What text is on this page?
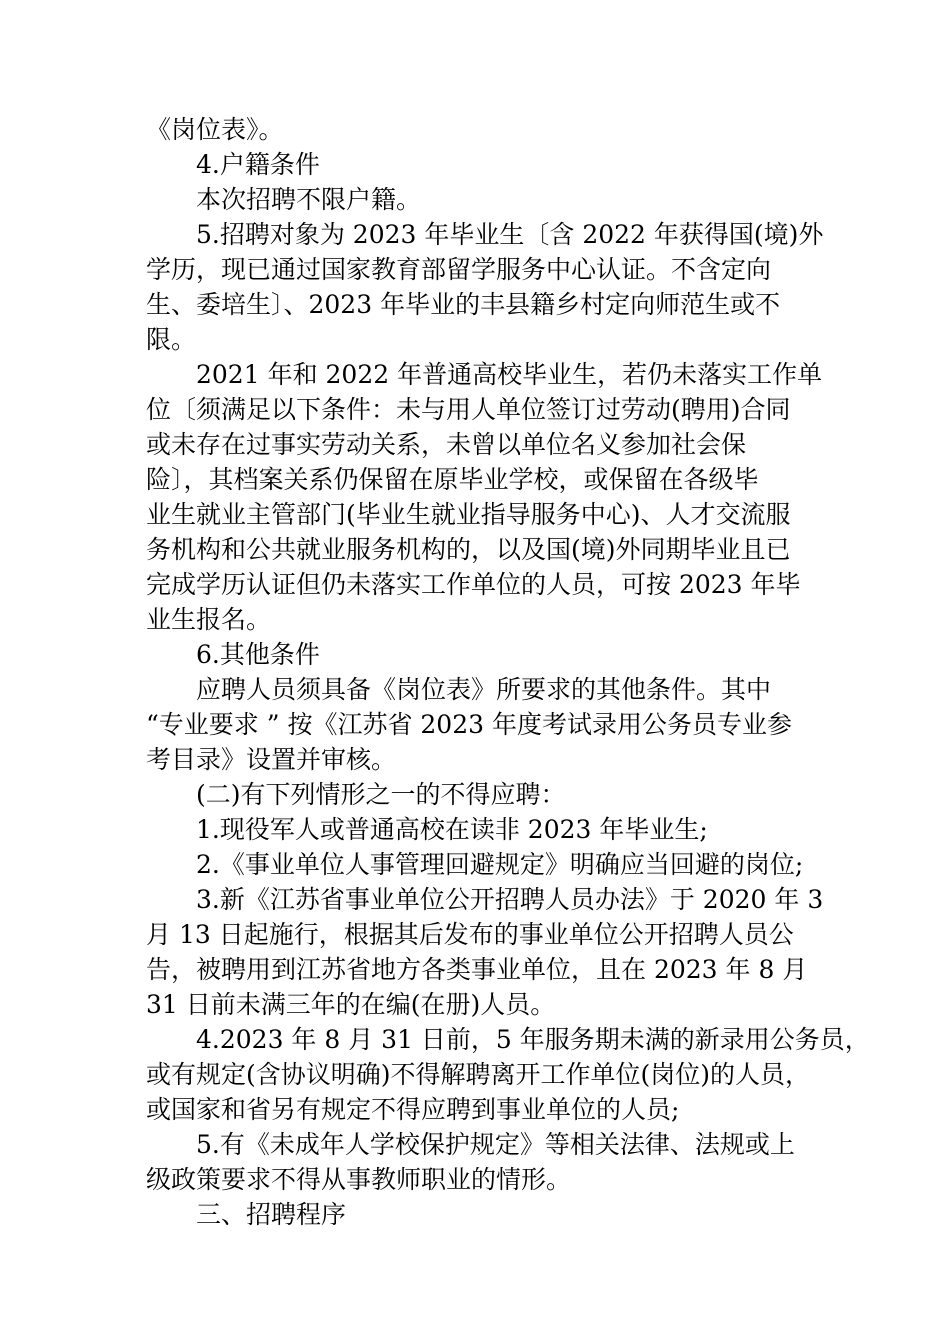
《岗位表》。
4.户籍条件
本次招聘不限户籍。
5.招聘对象为 2023 年毕业生〔含 2022 年获得国(境)外
学历，现已通过国家教育部留学服务中心认证。不含定向
生、委培生〕、2023 年毕业的丰县籍乡村定向师范生或不
限。
2021 年和 2022 年普通高校毕业生，若仍未落实工作单
位〔须满足以下条件：未与用人单位签订过劳动(聘用)合同
或未存在过事实劳动关系，未曾以单位名义参加社会保
险〕，其档案关系仍保留在原毕业学校，或保留在各级毕
业生就业主管部门(毕业生就业指导服务中心)、人才交流服
务机构和公共就业服务机构的，以及国(境)外同期毕业且已
完成学历认证但仍未落实工作单位的人员，可按 2023 年毕
业生报名。
6.其他条件
应聘人员须具备《岗位表》所要求的其他条件。其中
“专业要求 ” 按《江苏省 2023 年度考试录用公务员专业参
考目录》设置并审核。
(二)有下列情形之一的不得应聘：
1.现役军人或普通高校在读非 2023 年毕业生;
2.《事业单位人事管理回避规定》明确应当回避的岗位;
3.新《江苏省事业单位公开招聘人员办法》于 2020 年 3
月 13 日起施行，根据其后发布的事业单位公开招聘人员公
告，被聘用到江苏省地方各类事业单位，且在 2023 年 8 月
31 日前未满三年的在编(在册)人员。
4.2023 年 8 月 31 日前，5 年服务期未满的新录用公务员，
或有规定(含协议明确)不得解聘离开工作单位(岗位)的人员，
或国家和省另有规定不得应聘到事业单位的人员;
5.有《未成年人学校保护规定》等相关法律、法规或上
级政策要求不得从事教师职业的情形。
三、招聘程序
